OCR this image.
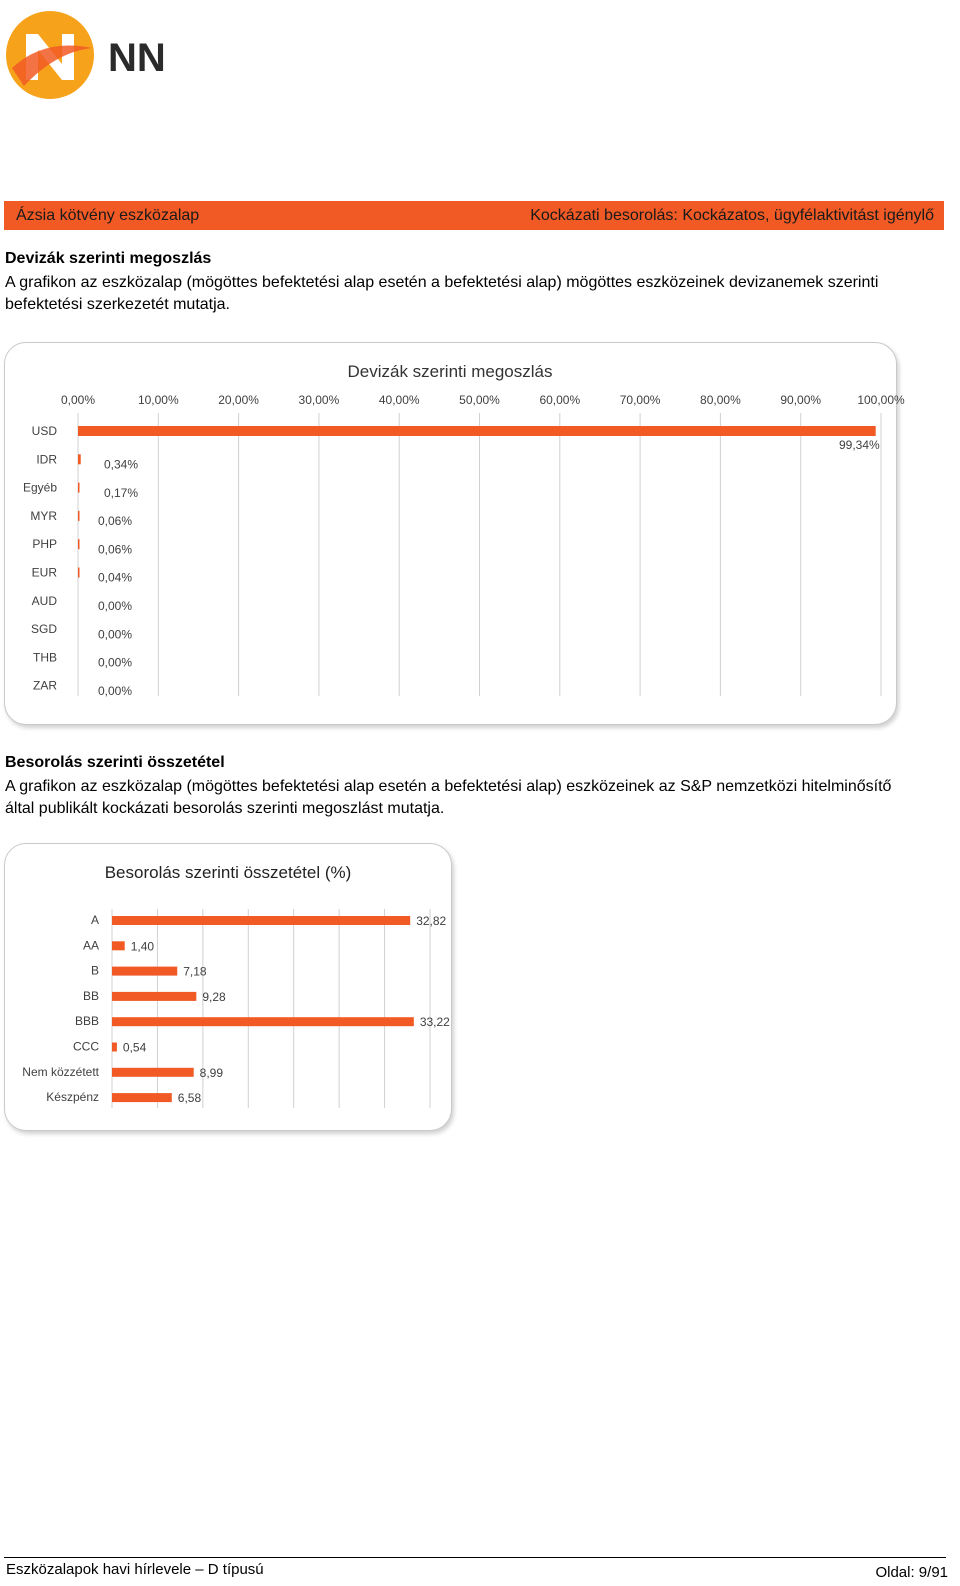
NN
Ázsia kötvény eszközalap	Kockázati besorolás: Kockázatos, ügyfélaktivitást igénylő
Devizák szerinti megoszlás
A grafikon az eszközalap (mögöttes befektetési alap esetén a befektetési alap) mögöttes eszközeinek devizanemek szerinti befektetési szerkezetét mutatja.
Devizák szerinti megoszlás
0,00%	10,00%	20,00%	30,00%	40,00%	50,00%	60,00%	70,00%	80,00%	90,00%	100,00%
USD
99,34%
IDR	0,34%
Egyéb	0,17%
MYR	0,06%
PHP	0,06%
EUR	0,04%
AUD	0,00%
SGD	0,00%
THB	0,00%
ZAR	0,00%
Besorolás szerinti összetétel
A grafikon az eszközalap (mögöttes befektetési alap esetén a befektetési alap) eszközeinek az S&P nemzetközi hitelminősítő által publikált kockázati besorolás szerinti megoszlást mutatja.
Besorolás szerinti összetétel (%)
A	32,82
AA	1,40
B	7,18
BB	9,28
BBB	33,22
CCC 0,54
Nem közzétett	8,99
Készpénz	6,58
Eszközalapok havi hírlevele – D típusú	Oldal: 9/91
